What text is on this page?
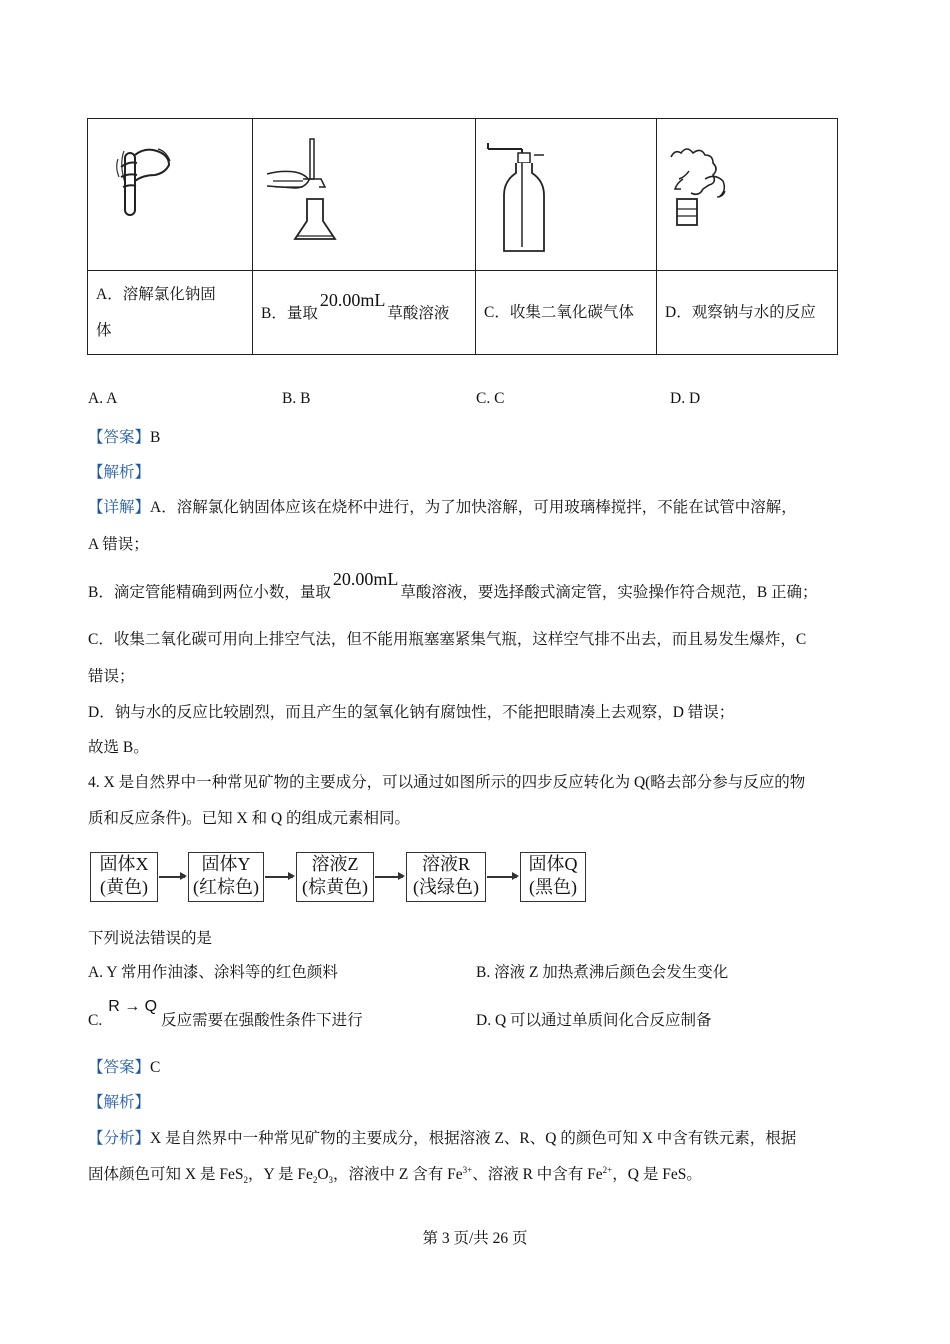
A．溶解氯化钠固
体	B．量取20.00mL草酸溶液	C．收集二氧化碳气体	D．观察钠与水的反应
A. A	B. B	C. C	D. D
【答案】B
【解析】
【详解】A．溶解氯化钠固体应该在烧杯中进行，为了加快溶解，可用玻璃棒搅拌，不能在试管中溶解，
A 错误；
B．滴定管能精确到两位小数，量取20.00mL草酸溶液，要选择酸式滴定管，实验操作符合规范，B 正确；
C．收集二氧化碳可用向上排空气法，但不能用瓶塞塞紧集气瓶，这样空气排不出去，而且易发生爆炸，C
错误；
D．钠与水的反应比较剧烈，而且产生的氢氧化钠有腐蚀性，不能把眼睛凑上去观察，D 错误；
故选 B。
4. X 是自然界中一种常见矿物的主要成分，可以通过如图所示的四步反应转化为 Q(略去部分参与反应的物
质和反应条件)。已知 X 和 Q 的组成元素相同。
固体X
(黄色)
固体Y
(红棕色)
溶液Z
(棕黄色)
溶液R
(浅绿色)
固体Q
(黑色)
下列说法错误的是
A. Y 常用作油漆、涂料等的红色颜料	B. 溶液 Z 加热煮沸后颜色会发生变化
C.R → Q反应需要在强酸性条件下进行	D. Q 可以通过单质间化合反应制备
【答案】C
【解析】
【分析】X 是自然界中一种常见矿物的主要成分，根据溶液 Z、R、Q 的颜色可知 X 中含有铁元素，根据
固体颜色可知 X 是 FeS$_2$，Y 是 $Fe_2O_3$，溶液中 Z 含有 $Fe^{3+}$、溶液 R 中含有 $Fe^{2+}$，Q 是 FeS。
第 3 页/共 26 页
